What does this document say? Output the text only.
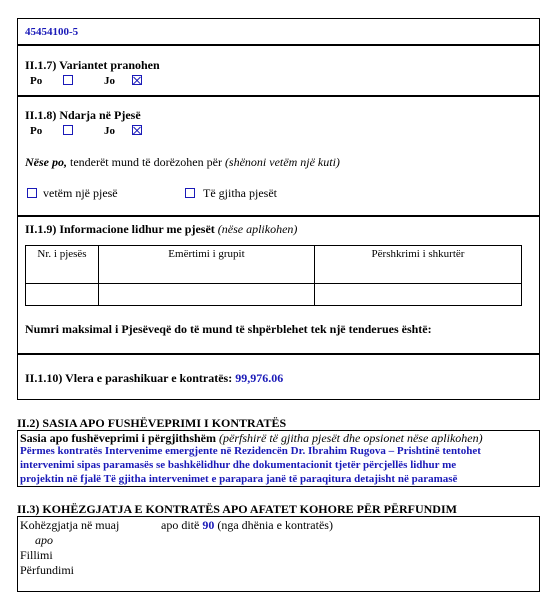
45454100-5
II.1.7) Variantet pranohen
Po	Jo
II.1.8) Ndarja në Pjesë
Po	Jo
Nëse po, tenderët mund të dorëzohen për (shënoni vetëm një kuti)
vetëm një pjesë	Të gjitha pjesët
II.1.9) Informacione lidhur me pjesët (nëse aplikohen)
Nr. i pjesës	Emërtimi i grupit	Përshkrimi i shkurtër

Numri maksimal i Pjesëveqë do të mund të shpërblehet tek një tenderues është:
II.1.10) Vlera e parashikuar e kontratës: 99,976.06
II.2) SASIA APO FUSHËVEPRIMI I KONTRATËS
Sasia apo fushëveprimi i përgjithshëm (përfshirë të gjitha pjesët dhe opsionet nëse aplikohen)
Përmes kontratës Intervenime emergjente në Rezidencën Dr. Ibrahim Rugova – Prishtinë tentohet
intervenimi sipas paramasës se bashkëlidhur dhe dokumentacionit tjetër përcjellës lidhur me
projektin në fjalë Të gjitha intervenimet e parapara janë të paraqitura detajisht në paramasë
II.3) KOHËZGJATJA E KONTRATËS APO AFATET KOHORE PËR PËRFUNDIM
Kohëzgjatja në muaj	apo ditë 90 (nga dhënia e kontratës)
apo
Fillimi
Përfundimi
